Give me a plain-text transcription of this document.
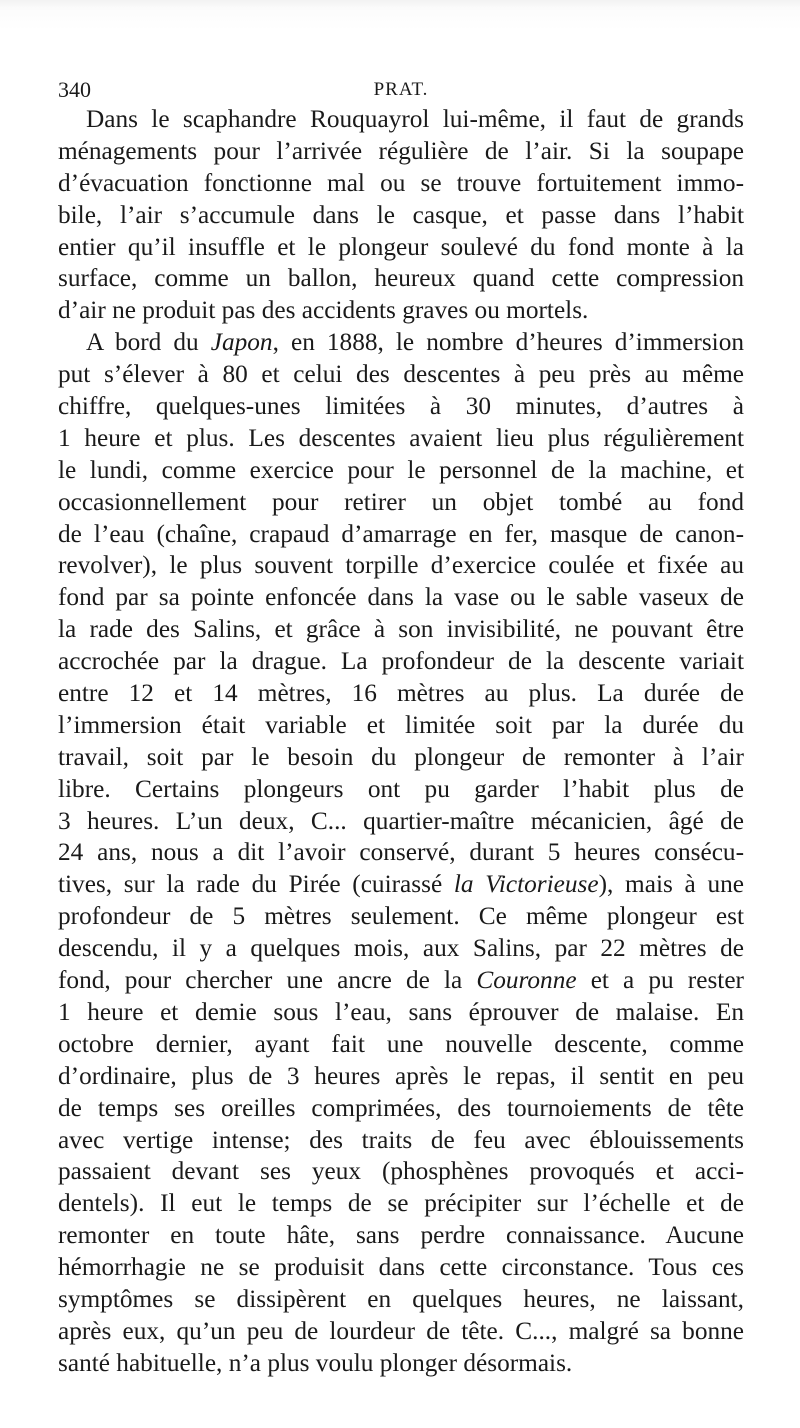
340	PRAT.
Dans le scaphandre Rouquayrol lui-même, il faut de grands
ménagements pour l’arrivée régulière de l’air. Si la soupape
d’évacuation fonctionne mal ou se trouve fortuitement immo-
bile, l’air s’accumule dans le casque, et passe dans l’habit
entier qu’il insuffle et le plongeur soulevé du fond monte à la
surface, comme un ballon, heureux quand cette compression
d’air ne produit pas des accidents graves ou mortels.
A bord du Japon, en 1888, le nombre d’heures d’immersion
put s’élever à 80 et celui des descentes à peu près au même
chiffre, quelques-unes limitées à 30 minutes, d’autres à
1 heure et plus. Les descentes avaient lieu plus régulièrement
le lundi, comme exercice pour le personnel de la machine, et
occasionnellement pour retirer un objet tombé au fond
de l’eau (chaîne, crapaud d’amarrage en fer, masque de canon-
revolver), le plus souvent torpille d’exercice coulée et fixée au
fond par sa pointe enfoncée dans la vase ou le sable vaseux de
la rade des Salins, et grâce à son invisibilité, ne pouvant être
accrochée par la drague. La profondeur de la descente variait
entre 12 et 14 mètres, 16 mètres au plus. La durée de
l’immersion était variable et limitée soit par la durée du
travail, soit par le besoin du plongeur de remonter à l’air
libre. Certains plongeurs ont pu garder l’habit plus de
3 heures. L’un deux, C... quartier-maître mécanicien, âgé de
24 ans, nous a dit l’avoir conservé, durant 5 heures consécu-
tives, sur la rade du Pirée (cuirassé la Victorieuse), mais à une
profondeur de 5 mètres seulement. Ce même plongeur est
descendu, il y a quelques mois, aux Salins, par 22 mètres de
fond, pour chercher une ancre de la Couronne et a pu rester
1 heure et demie sous l’eau, sans éprouver de malaise. En
octobre dernier, ayant fait une nouvelle descente, comme
d’ordinaire, plus de 3 heures après le repas, il sentit en peu
de temps ses oreilles comprimées, des tournoiements de tête
avec vertige intense; des traits de feu avec éblouissements
passaient devant ses yeux (phosphènes provoqués et acci-
dentels). Il eut le temps de se précipiter sur l’échelle et de
remonter en toute hâte, sans perdre connaissance. Aucune
hémorrhagie ne se produisit dans cette circonstance. Tous ces
symptômes se dissipèrent en quelques heures, ne laissant,
après eux, qu’un peu de lourdeur de tête. C..., malgré sa bonne
santé habituelle, n’a plus voulu plonger désormais.
